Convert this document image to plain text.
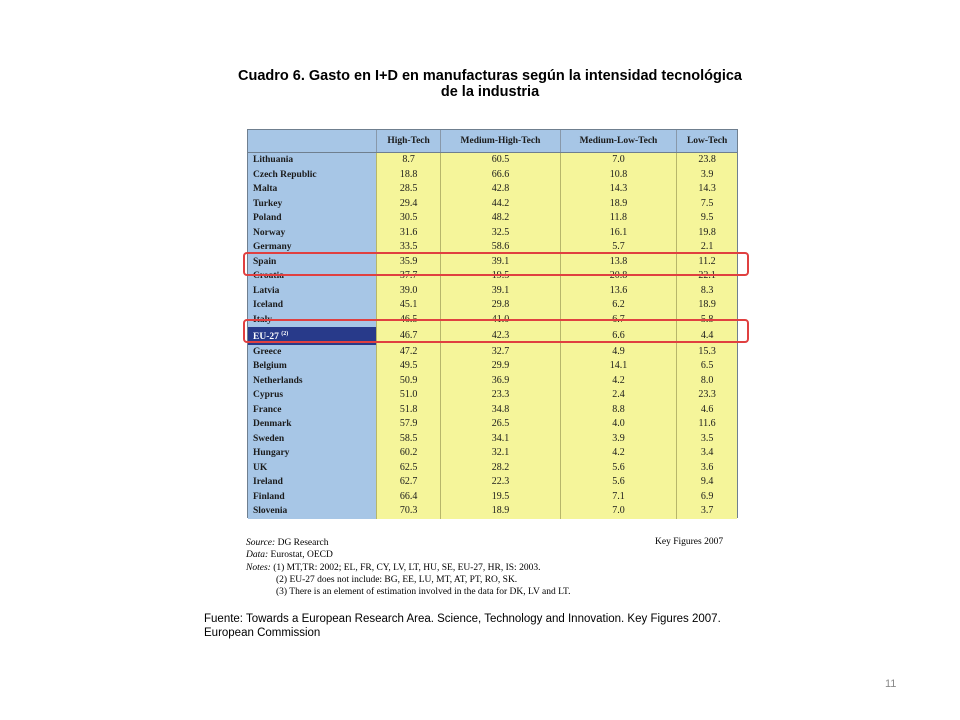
Cuadro 6. Gasto en I+D en manufacturas según la intensidad tecnológica
de la industria
	High-Tech	Medium-High-Tech	Medium-Low-Tech	Low-Tech
Lithuania	8.7	60.5	7.0	23.8
Czech Republic	18.8	66.6	10.8	3.9
Malta	28.5	42.8	14.3	14.3
Turkey	29.4	44.2	18.9	7.5
Poland	30.5	48.2	11.8	9.5
Norway	31.6	32.5	16.1	19.8
Germany	33.5	58.6	5.7	2.1
Spain	35.9	39.1	13.8	11.2
Croatia	37.7	19.5	20.8	22.1
Latvia	39.0	39.1	13.6	8.3
Iceland	45.1	29.8	6.2	18.9
Italy	46.5	41.0	6.7	5.8
EU-27 $^{(2)}$	46.7	42.3	6.6	4.4
Greece	47.2	32.7	4.9	15.3
Belgium	49.5	29.9	14.1	6.5
Netherlands	50.9	36.9	4.2	8.0
Cyprus	51.0	23.3	2.4	23.3
France	51.8	34.8	8.8	4.6
Denmark	57.9	26.5	4.0	11.6
Sweden	58.5	34.1	3.9	3.5
Hungary	60.2	32.1	4.2	3.4
UK	62.5	28.2	5.6	3.6
Ireland	62.7	22.3	5.6	9.4
Finland	66.4	19.5	7.1	6.9
Slovenia	70.3	18.9	7.0	3.7
Source: DG Research
Data: Eurostat, OECD
Notes: (1) MT,TR: 2002; EL, FR, CY, LV, LT, HU, SE, EU-27, HR, IS: 2003.
(2) EU-27 does not include: BG, EE, LU, MT, AT, PT, RO, SK.
(3) There is an element of estimation involved in the data for DK, LV and LT.
Key Figures 2007
Fuente: Towards a European Research Area. Science, Technology and Innovation. Key Figures 2007.
European Commission
11
